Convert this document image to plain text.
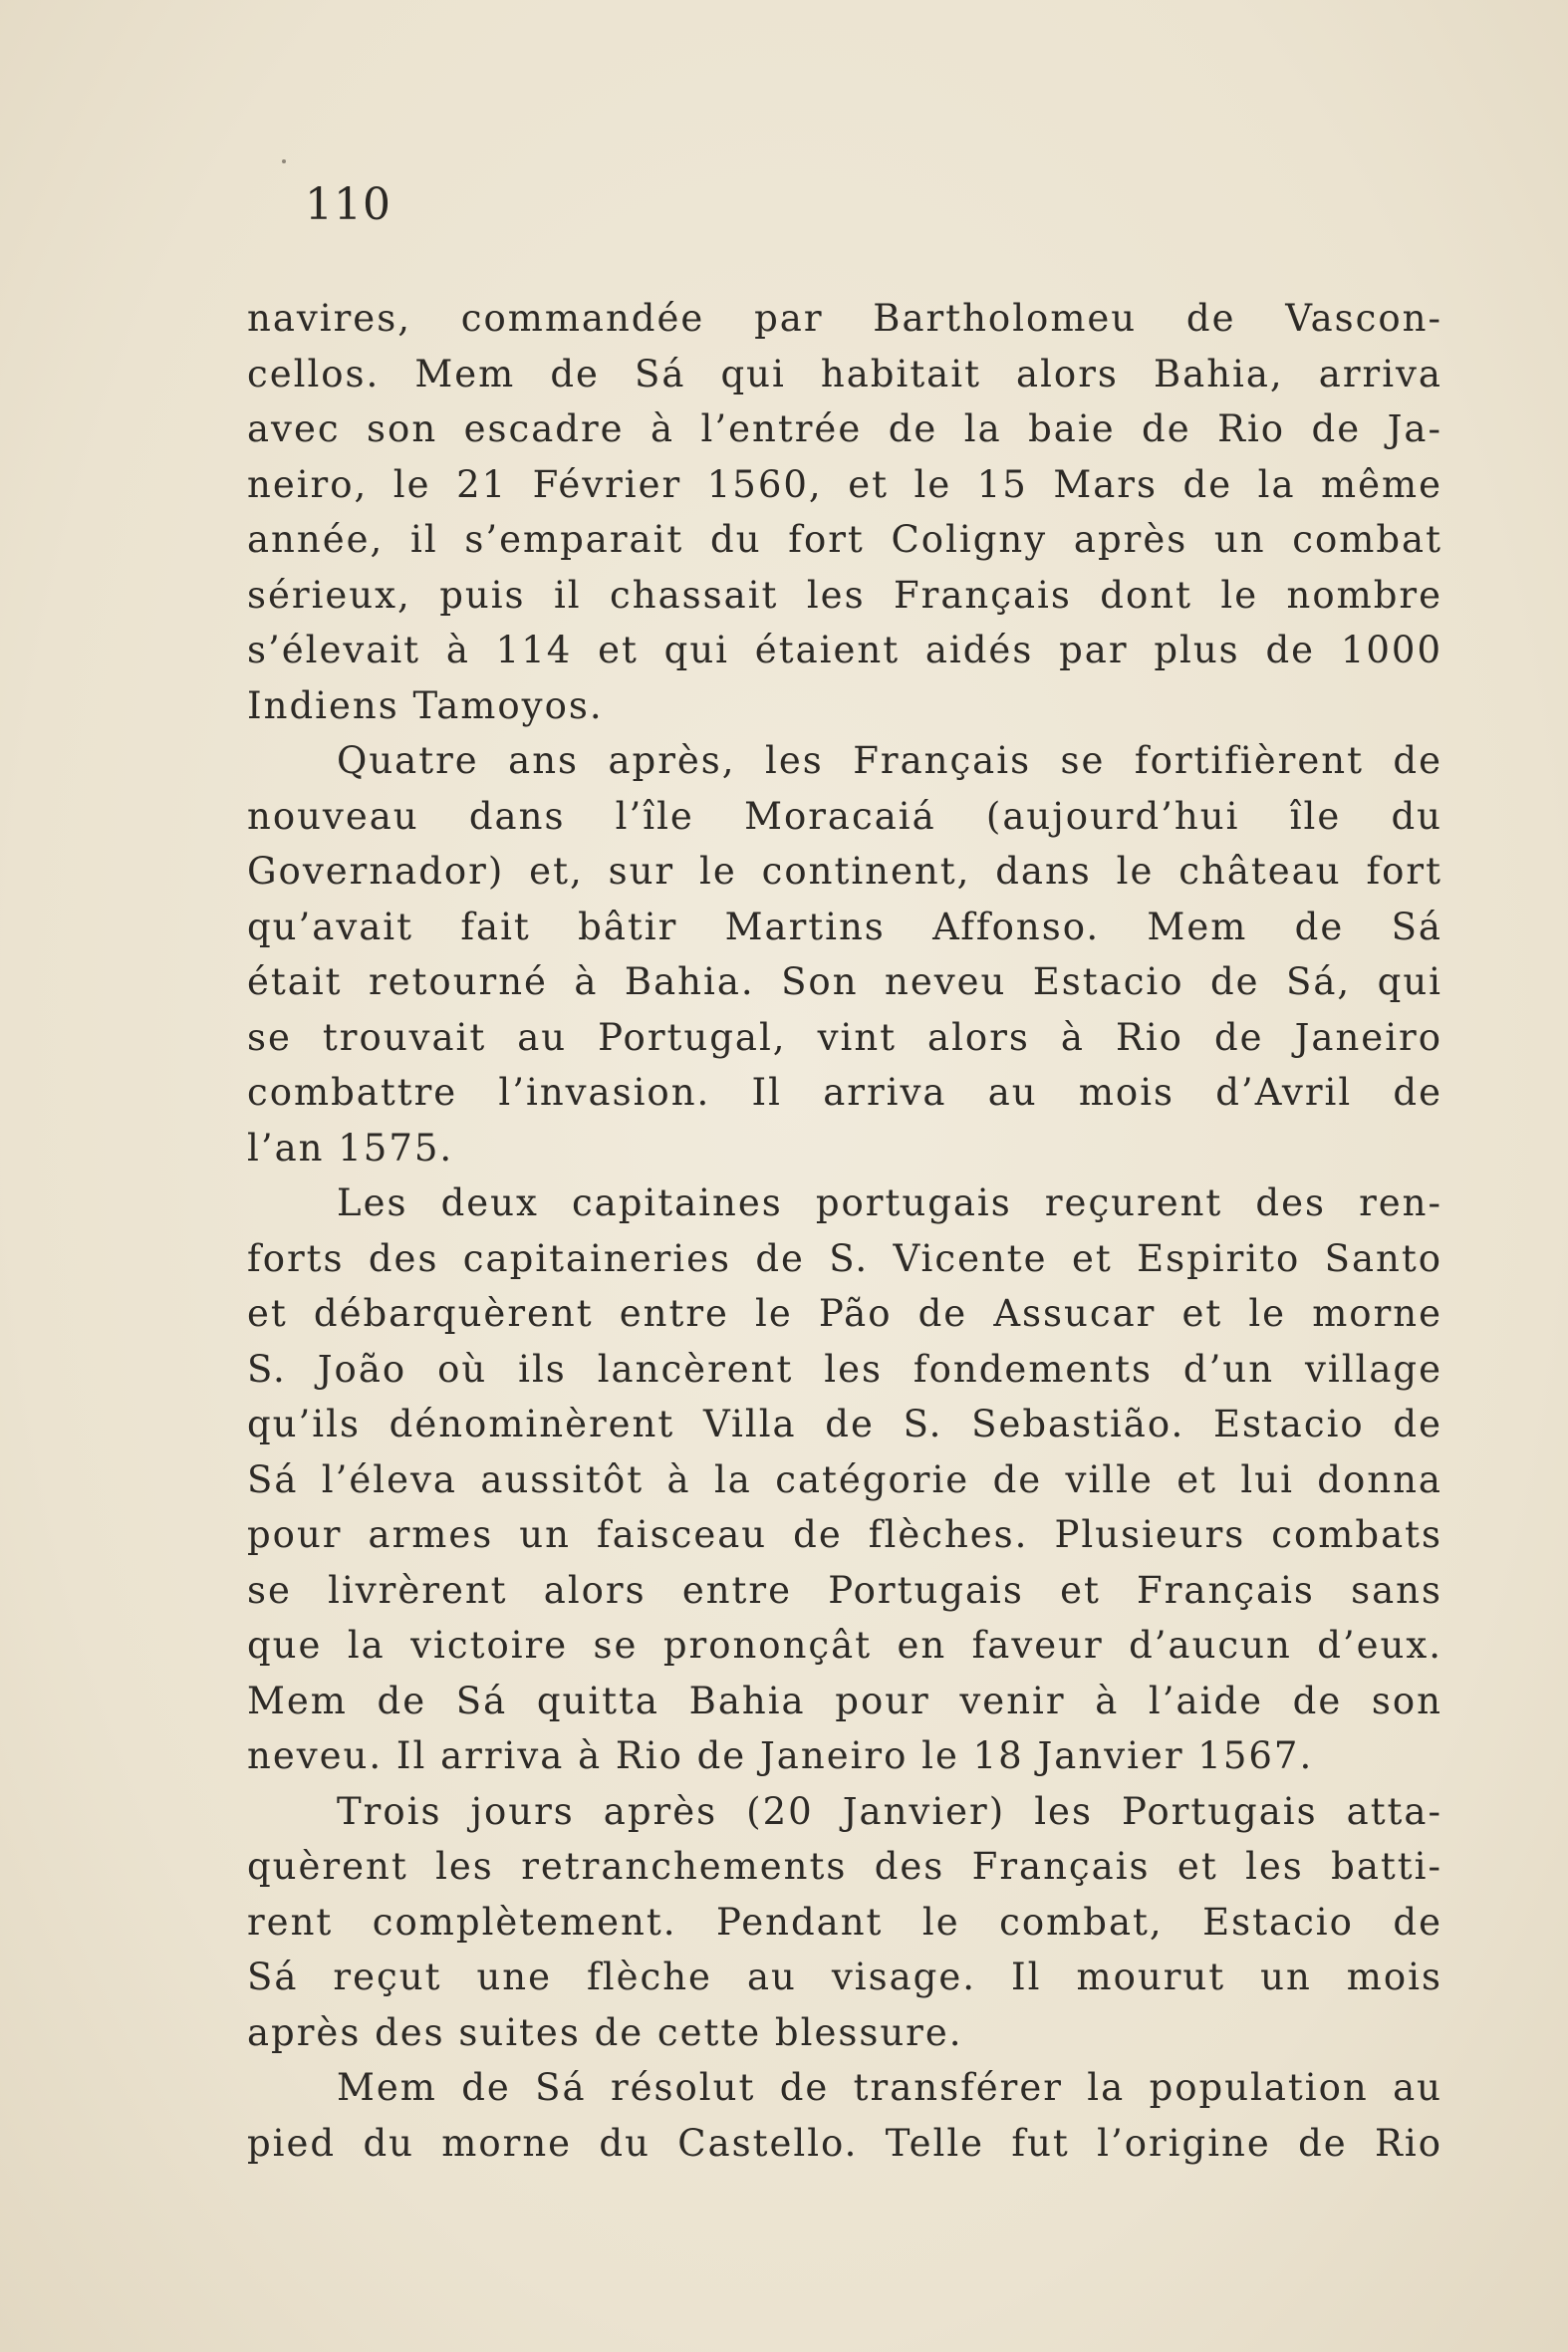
110
navires, commandée par Bartholomeu de Vascon-
cellos. Mem de Sá qui habitait alors Bahia, arriva
avec son escadre à l’entrée de la baie de Rio de Ja-
neiro, le 21 Février 1560, et le 15 Mars de la même
année, il s’emparait du fort Coligny après un combat
sérieux, puis il chassait les Français dont le nombre
s’élevait à 114 et qui étaient aidés par plus de 1000
Indiens Tamoyos.
Quatre ans après, les Français se fortifièrent de
nouveau dans l’île Moracaiá (aujourd’hui île du
Governador) et, sur le continent, dans le château fort
qu’avait fait bâtir Martins Affonso. Mem de Sá
était retourné à Bahia. Son neveu Estacio de Sá, qui
se trouvait au Portugal, vint alors à Rio de Janeiro
combattre l’invasion. Il arriva au mois d’Avril de
l’an 1575.
Les deux capitaines portugais reçurent des ren-
forts des capitaineries de S. Vicente et Espirito Santo
et débarquèrent entre le Pão de Assucar et le morne
S. João où ils lancèrent les fondements d’un village
qu’ils dénominèrent Villa de S. Sebastião. Estacio de
Sá l’éleva aussitôt à la catégorie de ville et lui donna
pour armes un faisceau de flèches. Plusieurs combats
se livrèrent alors entre Portugais et Français sans
que la victoire se prononçât en faveur d’aucun d’eux.
Mem de Sá quitta Bahia pour venir à l’aide de son
neveu. Il arriva à Rio de Janeiro le 18 Janvier 1567.
Trois jours après (20 Janvier) les Portugais atta-
quèrent les retranchements des Français et les batti-
rent complètement. Pendant le combat, Estacio de
Sá reçut une flèche au visage. Il mourut un mois
après des suites de cette blessure.
Mem de Sá résolut de transférer la population au
pied du morne du Castello. Telle fut l’origine de Rio
